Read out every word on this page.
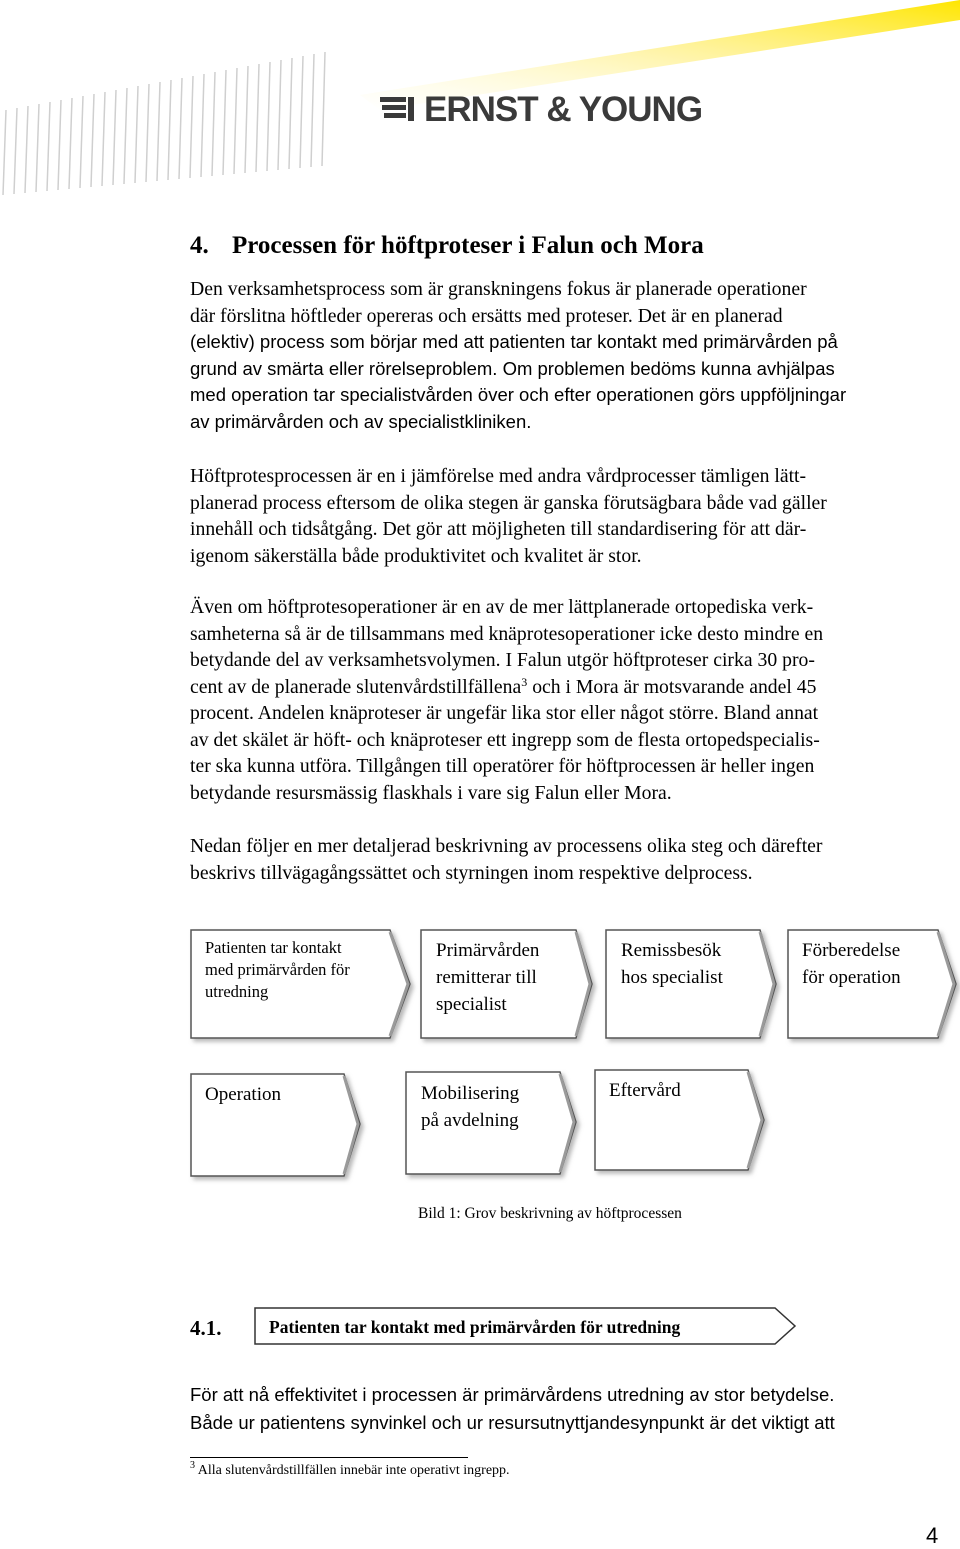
ERNST & YOUNG
4. Processen för höftproteser i Falun och Mora

Den verksamhetsprocess som är granskningens fokus är planerade operationer
där förslitna höftleder opereras och ersätts med proteser. Det är en planerad
(elektiv) process som börjar med att patienten tar kontakt med primärvården på
grund av smärta eller rörelseproblem. Om problemen bedöms kunna avhjälpas
med operation tar specialistvården över och efter operationen görs uppföljningar
av primärvården och av specialistkliniken.

Höftprotesprocessen är en i jämförelse med andra vårdprocesser tämligen lätt-
planerad process eftersom de olika stegen är ganska förutsägbara både vad gäller
innehåll och tidsåtgång. Det gör att möjligheten till standardisering för att där-
igenom säkerställa både produktivitet och kvalitet är stor.

Även om höftprotesoperationer är en av de mer lättplanerade ortopediska verk-
samheterna så är de tillsammans med knäprotesoperationer icke desto mindre en
betydande del av verksamhetsvolymen. I Falun utgör höftproteser cirka 30 pro-
cent av de planerade slutenvårdstillfällena$^3$ och i Mora är motsvarande andel 45
procent. Andelen knäproteser är ungefär lika stor eller något större. Bland annat
av det skälet är höft- och knäproteser ett ingrepp som de flesta ortopedspecialis-
ter ska kunna utföra. Tillgången till operatörer för höftprocessen är heller ingen
betydande resursmässig flaskhals i vare sig Falun eller Mora.

Nedan följer en mer detaljerad beskrivning av processens olika steg och därefter
beskrivs tillvägagångssättet och styrningen inom respektive delprocess.

Patienten tar kontakt
med primärvården för
utredning
Primärvården
remitterar till
specialist
Remissbesök
hos specialist
Förberedelse
för operation
Operation	Mobilisering
på avdelning
Eftervård
Bild 1: Grov beskrivning av höftprocessen
4.1.	Patienten tar kontakt med primärvården för utredning

För att nå effektivitet i processen är primärvårdens utredning av stor betydelse.
Både ur patientens synvinkel och ur resursutnyttjandesynpunkt är det viktigt att

$^3$ Alla slutenvårdstillfällen innebär inte operativt ingrepp.
4
